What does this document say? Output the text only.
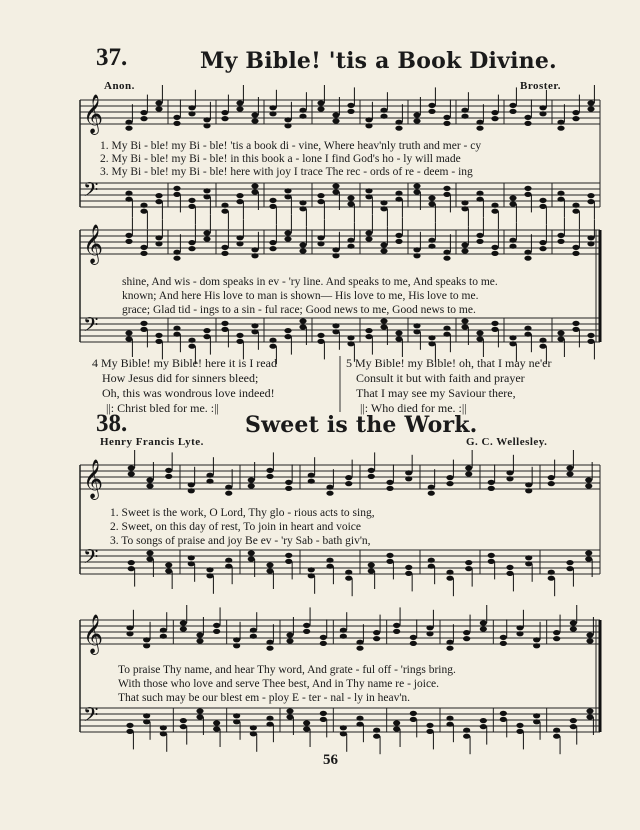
37.	My Bible! 'tis a Book Divine.
Anon.	Broster.
𝄞
𝄢
𝄞
𝄢
𝄞
𝄢
𝄞
𝄢
1. My Bi - ble! my Bi - ble! 'tis a book di - vine, Where heav'nly truth and mer - cy
2. My Bi - ble! my Bi - ble! in this book a - lone I find God's ho - ly will made
3. My Bi - ble! my Bi - ble! here with joy I trace The rec - ords of re - deem - ing
shine, And wis - dom speaks in ev - 'ry line. And speaks to me, And speaks to me.
known; And here His love to man is shown— His love to me, His love to me.
grace; Glad tid - ings to a sin - ful race; Good news to me, Good news to me.
4 My Bible! my Bible! here it is I read
How Jesus did for sinners bleed;
Oh, this was wondrous love indeed!
||: Christ bled for me. :||
5 My Bible! my Bible! oh, that I may ne'er
Consult it but with faith and prayer
That I may see my Saviour there,
||: Who died for me. :||
38.	Sweet is the Work.
Henry Francis Lyte.	G. C. Wellesley.
1. Sweet is the work, O Lord, Thy glo - rious acts to sing,
2. Sweet, on this day of rest, To join in heart and voice
3. To songs of praise and joy Be ev - 'ry Sab - bath giv'n,
To praise Thy name, and hear Thy word, And grate - ful off - 'rings bring.
With those who love and serve Thee best, And in Thy name re - joice.
That such may be our blest em - ploy E - ter - nal - ly in heav'n.
56
